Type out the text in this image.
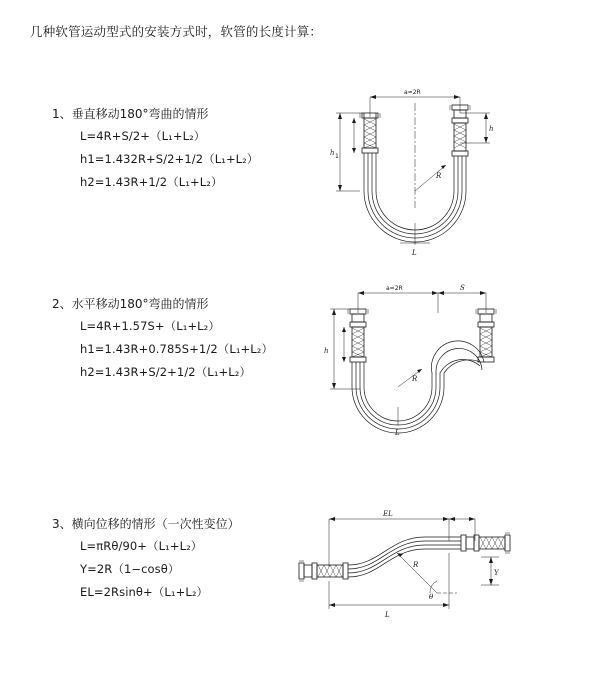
几种软管运动型式的安装方式时，软管的长度计算：
1、垂直移动180°弯曲的情形
L=4R+S/2+（L₁+L₂）
h1=1.432R+S/2+1/2（L₁+L₂）
h2=1.43R+1/2（L₁+L₂）
a=2R
h
R
L
h 1
2、水平移动180°弯曲的情形
L=4R+1.57S+（L₁+L₂）
h1=1.43R+0.785S+1/2（L₁+L₂）
h2=1.43R+S/2+1/2（L₁+L₂）
a=2R	S
R
h
L
3、横向位移的情形（一次性变位）
L=πRθ/90+（L₁+L₂）
Y=2R（1−cosθ）
EL=2Rsinθ+（L₁+L₂）
EL
Y
L
R
θ
